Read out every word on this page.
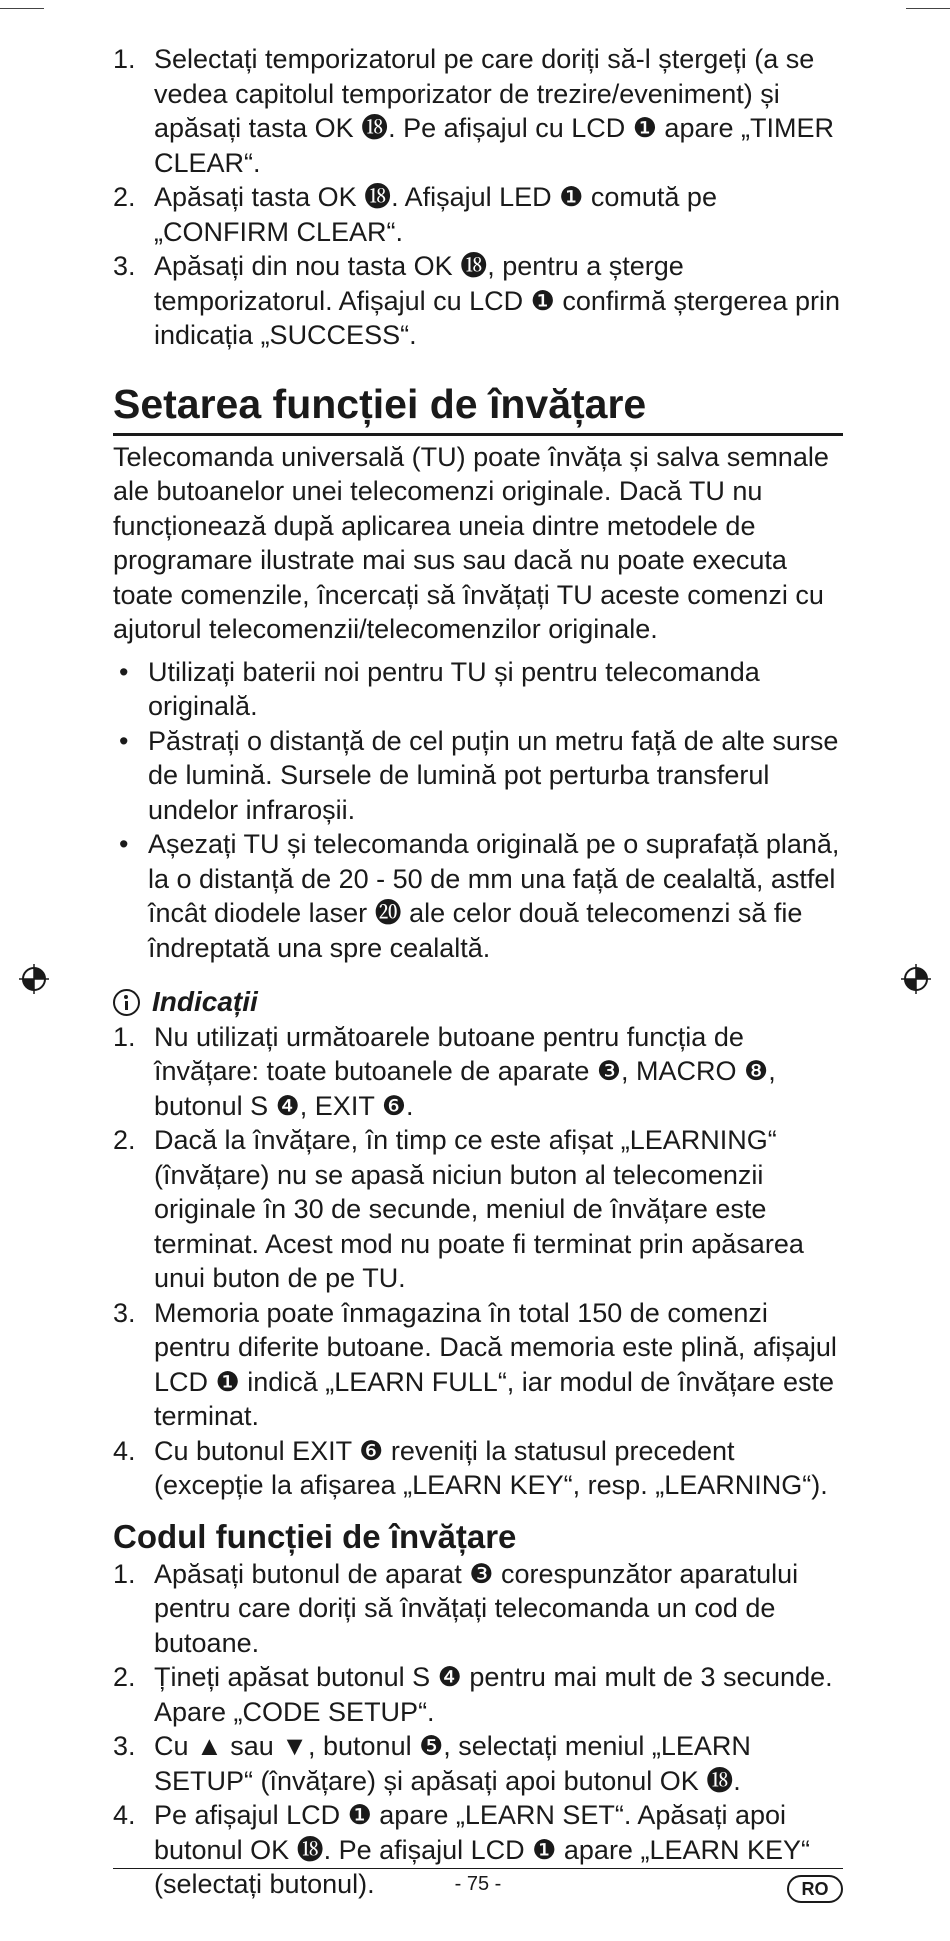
1. Selectați temporizatorul pe care doriți să-l ștergeți (a se vedea capitolul temporizator de trezire/eveniment) și apăsați tasta OK ⓲. Pe afișajul cu LCD ❶ apare „TIMER CLEAR“.
2. Apăsați tasta OK ⓲. Afișajul LED ❶ comută pe „CONFIRM CLEAR“.
3. Apăsați din nou tasta OK ⓲, pentru a șterge temporizatorul. Afișajul cu LCD ❶ confirmă ștergerea prin indicația „SUCCESS“.
Setarea funcției de învățare
Telecomanda universală (TU) poate învăța și salva semnale ale butoanelor unei telecomenzi originale. Dacă TU nu funcționează după aplicarea uneia dintre metodele de programare ilustrate mai sus sau dacă nu poate executa toate comenzile, încercați să învățați TU aceste comenzi cu ajutorul telecomenzii/telecomenzilor originale.
• Utilizați baterii noi pentru TU și pentru telecomanda originală.
• Păstrați o distanță de cel puțin un metru față de alte surse de lumină. Sursele de lumină pot perturba transferul undelor infraroșii.
• Așezați TU și telecomanda originală pe o suprafață plană, la o distanță de 20 - 50 de mm una față de cealaltă, astfel încât diodele laser ⓴ ale celor două telecomenzi să fie îndreptată una spre cealaltă.
Indicații
1. Nu utilizați următoarele butoane pentru funcția de învățare: toate butoanele de aparate ❸, MACRO ❽, butonul S ❹, EXIT ❻.
2. Dacă la învățare, în timp ce este afișat „LEARNING“ (învățare) nu se apasă niciun buton al telecomenzii originale în 30 de secunde, meniul de învățare este terminat. Acest mod nu poate fi terminat prin apăsarea unui buton de pe TU.
3. Memoria poate înmagazina în total 150 de comenzi pentru diferite butoane. Dacă memoria este plină, afișajul LCD ❶ indică „LEARN FULL“, iar modul de învățare este terminat.
4. Cu butonul EXIT ❻ reveniți la statusul precedent (excepție la afișarea „LEARN KEY“, resp. „LEARNING“).
Codul funcției de învățare
1. Apăsați butonul de aparat ❸ corespunzător aparatului pentru care doriți să învățați telecomanda un cod de butoane.
2. Țineți apăsat butonul S ❹ pentru mai mult de 3 secunde. Apare „CODE SETUP“.
3. Cu ▲ sau ▼, butonul ❺, selectați meniul „LEARN SETUP“ (învățare) și apăsați apoi butonul OK ⓲.
4. Pe afișajul LCD ❶ apare „LEARN SET“. Apăsați apoi butonul OK ⓲. Pe afișajul LCD ❶ apare „LEARN KEY“ (selectați butonul).	- 75 -	RO
